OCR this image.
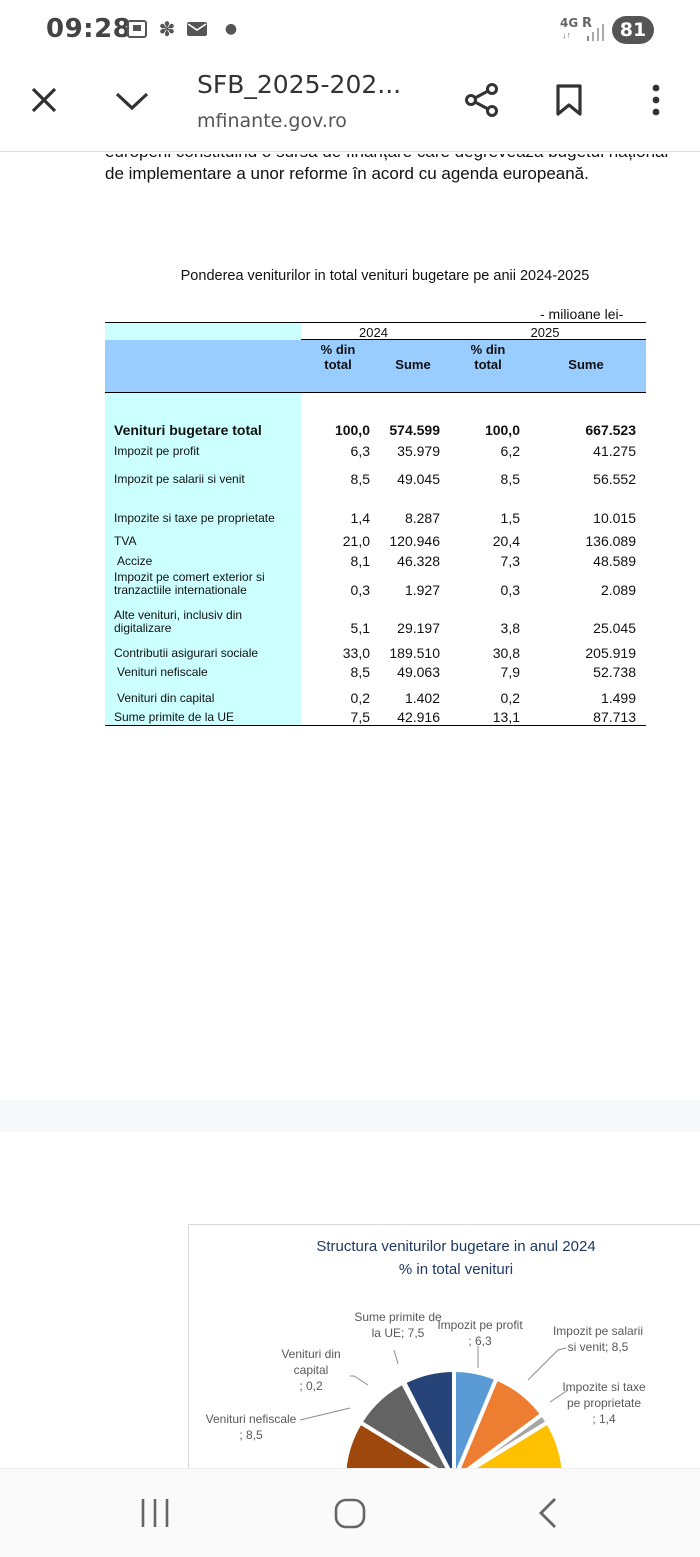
09:28 ✽	●	4G
↓↑
R	81
SFB_2025-202...
mfinante.gov.ro
de implementare a unor reforme în acord cu agenda europeană.
Ponderea veniturilor in total venituri bugetare pe anii 2024-2025
- milioane lei-
2024	2025
% din
total	Sume
% din
total	Sume
Venituri bugetare total	100,0	574.599	100,0	667.523
Impozit pe profit	6,3	35.979	6,2	41.275
Impozit pe salarii si venit	8,5	49.045	8,5	56.552
Impozite si taxe pe proprietate	1,4	8.287	1,5	10.015
TVA	21,0	120.946	20,4	136.089
Accize	8,1	46.328	7,3	48.589
Impozit pe comert exterior si
tranzactiile internationale	0,3	1.927	0,3	2.089
Alte venituri, inclusiv din
digitalizare	5,1	29.197	3,8	25.045
Contributii asigurari sociale	33,0	189.510	30,8	205.919
Venituri nefiscale	8,5	49.063	7,9	52.738
Venituri din capital	0,2	1.402	0,2	1.499
Sume primite de la UE	7,5	42.916	13,1	87.713
Structura veniturilor bugetare in anul 2024
% in total venituri
Impozit pe profit
; 6,3
Impozit pe salarii
si venit; 8,5
Impozite si taxe
pe proprietate
; 1,4
Venituri nefiscale
; 8,5
Venituri din
capital
; 0,2
Sume primite de
la UE; 7,5
